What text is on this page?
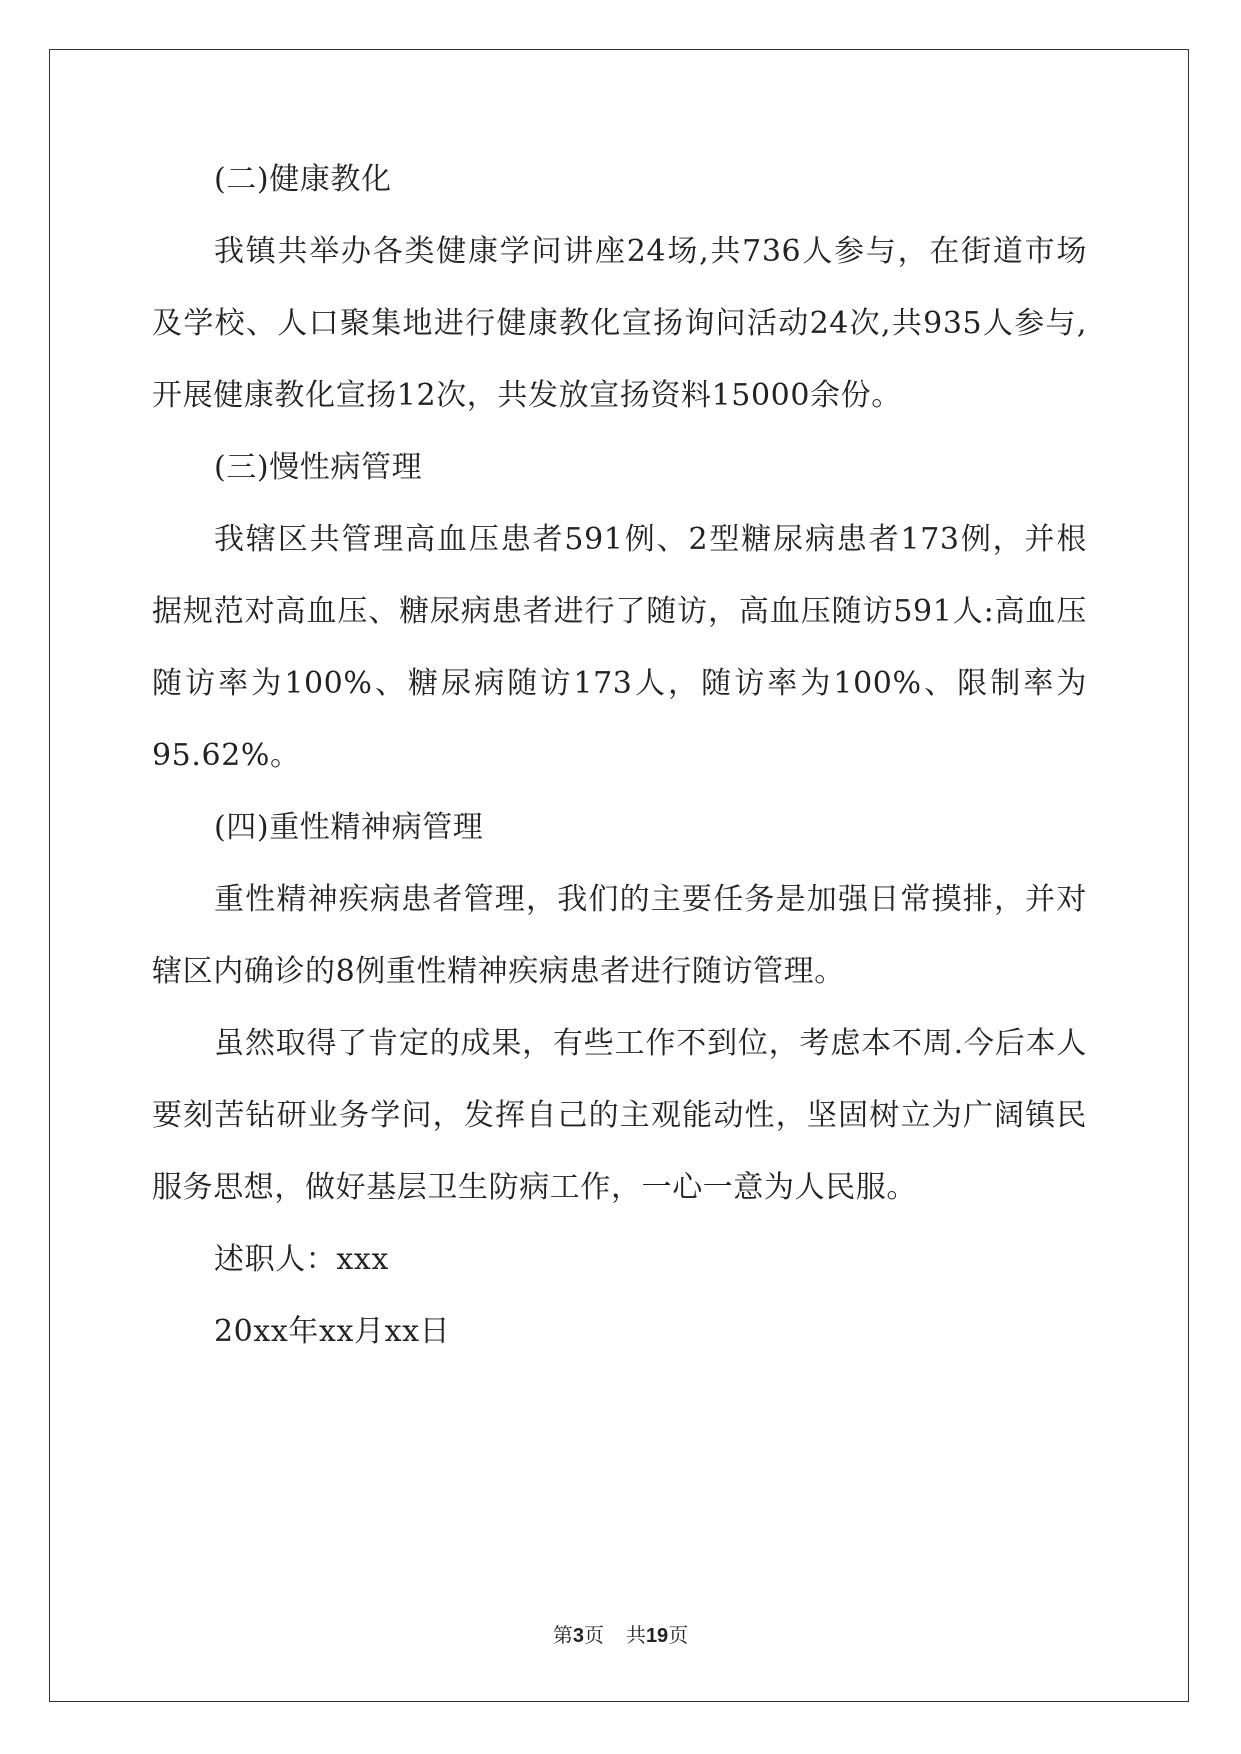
(二)健康教化
我镇共举办各类健康学问讲座24场,共736人参与，在街道市场
及学校、人口聚集地进行健康教化宣扬询问活动24次,共935人参与,
开展健康教化宣扬12次，共发放宣扬资料15000余份。
(三)慢性病管理
我辖区共管理高血压患者591例、2型糖尿病患者173例，并根
据规范对高血压、糖尿病患者进行了随访，高血压随访591人:高血压
随访率为100%、糖尿病随访173人，随访率为100%、限制率为
95.62%。
(四)重性精神病管理
重性精神疾病患者管理，我们的主要任务是加强日常摸排，并对
辖区内确诊的8例重性精神疾病患者进行随访管理。
虽然取得了肯定的成果，有些工作不到位，考虑本不周.今后本人
要刻苦钻研业务学问，发挥自己的主观能动性，坚固树立为广阔镇民
服务思想，做好基层卫生防病工作，一心一意为人民服。
述职人：xxx
20xx年xx月xx日
第3页 共19页
